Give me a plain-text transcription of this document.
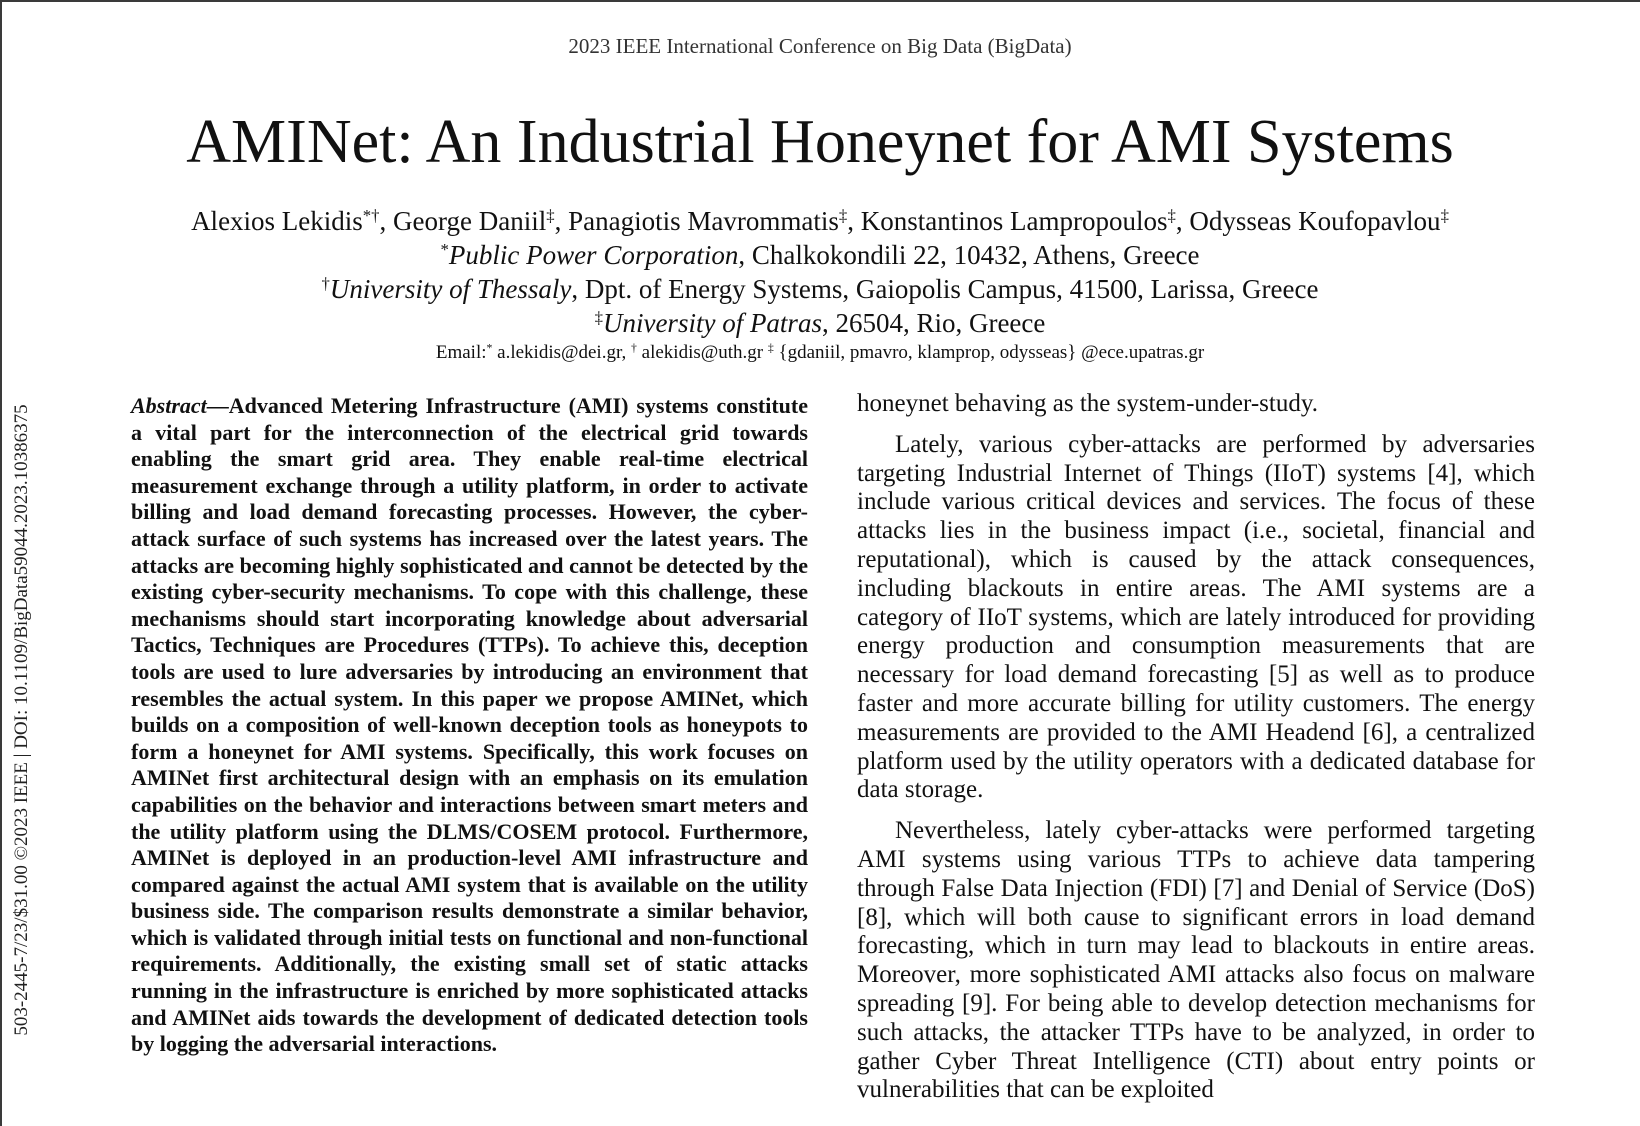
2023 IEEE International Conference on Big Data (BigData)
AMINet: An Industrial Honeynet for AMI Systems
Alexios Lekidis*†, George Daniil‡, Panagiotis Mavrommatis‡, Konstantinos Lampropoulos‡, Odysseas Koufopavlou‡
*Public Power Corporation, Chalkokondili 22, 10432, Athens, Greece
†University of Thessaly, Dpt. of Energy Systems, Gaiopolis Campus, 41500, Larissa, Greece
‡University of Patras, 26504, Rio, Greece
Email:* a.lekidis@dei.gr, † alekidis@uth.gr ‡ {gdaniil, pmavro, klamprop, odysseas} @ece.upatras.gr
503-2445-7/23/$31.00 ©2023 IEEE | DOI: 10.1109/BigData59044.2023.10386375	Abstract—Advanced Metering Infrastructure (AMI) systems constitute a vital part for the interconnection of the electrical grid towards enabling the smart grid area. They enable real-time electrical measurement exchange through a utility platform, in order to activate billing and load demand forecasting processes. However, the cyber-attack surface of such systems has increased over the latest years. The attacks are becoming highly sophisticated and cannot be detected by the existing cyber-security mechanisms. To cope with this challenge, these mechanisms should start incorporating knowledge about adversarial Tactics, Techniques are Procedures (TTPs). To achieve this, deception tools are used to lure adversaries by introducing an environment that resembles the actual system. In this paper we propose AMINet, which builds on a composition of well-known deception tools as honeypots to form a honeynet for AMI systems. Specifically, this work focuses on AMINet first architectural design with an emphasis on its emulation capabilities on the behavior and interactions between smart meters and the utility platform using the DLMS/COSEM protocol. Furthermore, AMINet is deployed in an production-level AMI infrastructure and compared against the actual AMI system that is available on the utility business side. The comparison results demonstrate a similar behavior, which is validated through initial tests on functional and non-functional requirements. Additionally, the existing small set of static attacks running in the infrastructure is enriched by more sophisticated attacks and AMINet aids towards the development of dedicated detection tools by logging the adversarial interactions.

honeynet behaving as the system-under-study.

Lately, various cyber-attacks are performed by adversaries targeting Industrial Internet of Things (IIoT) systems [4], which include various critical devices and services. The focus of these attacks lies in the business impact (i.e., societal, financial and reputational), which is caused by the attack consequences, including blackouts in entire areas. The AMI systems are a category of IIoT systems, which are lately introduced for providing energy production and consumption measurements that are necessary for load demand forecasting [5] as well as to produce faster and more accurate billing for utility customers. The energy measurements are provided to the AMI Headend [6], a centralized platform used by the utility operators with a dedicated database for data storage.

Nevertheless, lately cyber-attacks were performed targeting AMI systems using various TTPs to achieve data tampering through False Data Injection (FDI) [7] and Denial of Service (DoS) [8], which will both cause to significant errors in load demand forecasting, which in turn may lead to blackouts in entire areas. Moreover, more sophisticated AMI attacks also focus on malware spreading [9]. For being able to develop detection mechanisms for such attacks, the attacker TTPs have to be analyzed, in order to gather Cyber Threat Intelligence (CTI) about entry points or vulnerabilities that can be exploited
